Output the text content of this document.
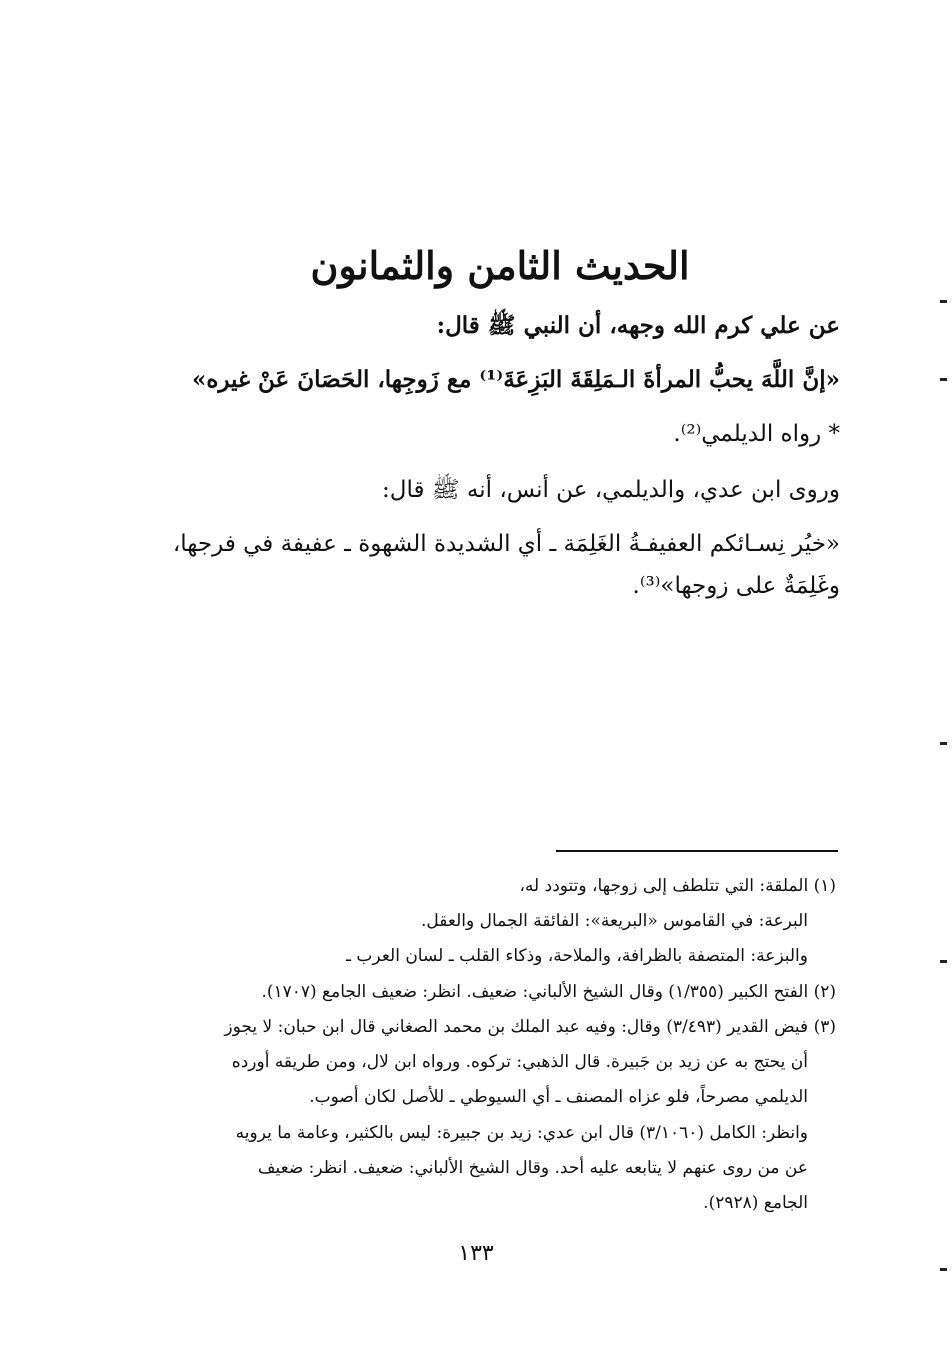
الحديث الثامن والثمانون
عن علي كرم الله وجهه، أن النبي ﷺ قال:
«إنَّ اللَّهَ يحبُّ المرأةَ الـمَلِقَةَ البَزِعَةَ⁽¹⁾ مع زَوجِها، الحَصَانَ عَنْ غيره»
* رواه الديلمي⁽²⁾.
وروى ابن عدي، والديلمي، عن أنس، أنه ﷺ قال:
«خيُر نِسـائكم العفيفـةُ الغَلِمَة ـ أي الشديدة الشهوة ـ عفيفة في فرجها،
وغَلِمَةٌ على زوجها»⁽³⁾.
(١) الملقة: التي تتلطف إلى زوجها، وتتودد له،
البرعة: في القاموس «البريعة»: الفائقة الجمال والعقل.
والبزعة: المتصفة بالظرافة، والملاحة، وذكاء القلب ـ لسان العرب ـ
(٢) الفتح الكبير (١/٣٥٥) وقال الشيخ الألباني: ضعيف. انظر: ضعيف الجامع (١٧٠٧).
(٣) فيض القدير (٣/٤٩٣) وقال: وفيه عبد الملك بن محمد الصغاني قال ابن حبان: لا يجوز
أن يحتج به عن زيد بن جَبيرة. قال الذهبي: تركوه. ورواه ابن لال، ومن طريقه أورده
الديلمي مصرحاً، فلو عزاه المصنف ـ أي السيوطي ـ للأصل لكان أصوب.
وانظر: الكامل (٣/١٠٦٠) قال ابن عدي: زيد بن جبيرة: ليس بالكثير، وعامة ما يرويه
عن من روى عنهم لا يتابعه عليه أحد. وقال الشيخ الألباني: ضعيف. انظر: ضعيف
الجامع (٢٩٢٨).
١٣٣
